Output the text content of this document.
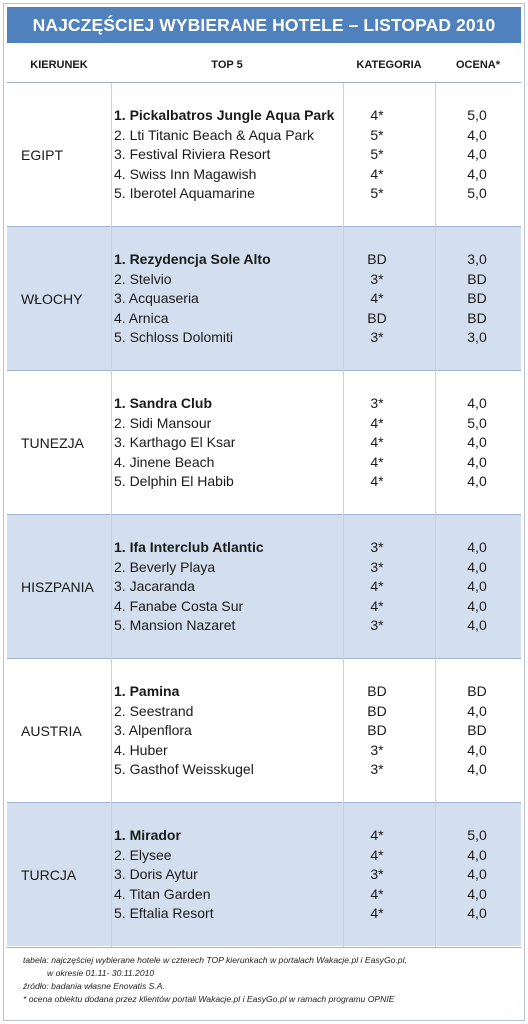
NAJCZĘŚCIEJ WYBIERANE HOTELE – LISTOPAD 2010
KIERUNEK	TOP 5	KATEGORIA	OCENA*
EGIPT
1. Pickalbatros Jungle Aqua Park	4*	5,0
2. Lti Titanic Beach & Aqua Park	5*	4,0
3. Festival Riviera Resort	5*	4,0
4. Swiss Inn Magawish	4*	4,0
5. Iberotel Aquamarine	5*	5,0
WŁOCHY
1. Rezydencja Sole Alto	BD	3,0
2. Stelvio	3*	BD
3. Acquaseria	4*	BD
4. Arnica	BD	BD
5. Schloss Dolomiti	3*	3,0
TUNEZJA
1. Sandra Club	3*	4,0
2. Sidi Mansour	4*	5,0
3. Karthago El Ksar	4*	4,0
4. Jinene Beach	4*	4,0
5. Delphin El Habib	4*	4,0
HISZPANIA
1. Ifa Interclub Atlantic	3*	4,0
2. Beverly Playa	3*	4,0
3. Jacaranda	4*	4,0
4. Fanabe Costa Sur	4*	4,0
5. Mansion Nazaret	3*	4,0
AUSTRIA
1. Pamina	BD	BD
2. Seestrand	BD	4,0
3. Alpenflora	BD	BD
4. Huber	3*	4,0
5. Gasthof Weisskugel	3*	4,0
TURCJA
1. Mirador	4*	5,0
2. Elysee	4*	4,0
3. Doris Aytur	3*	4,0
4. Titan Garden	4*	4,0
5. Eftalia Resort	4*	4,0
tabela: najczęściej wybierane hotele w czterech TOP kierunkach w portalach Wakacje.pl i EasyGo.pl,
w okresie 01.11- 30.11.2010
źródło: badania własne Enovatis S.A.
* ocena obiektu dodana przez klientów portali Wakacje.pl i EasyGo.pl w ramach programu OPNIE
